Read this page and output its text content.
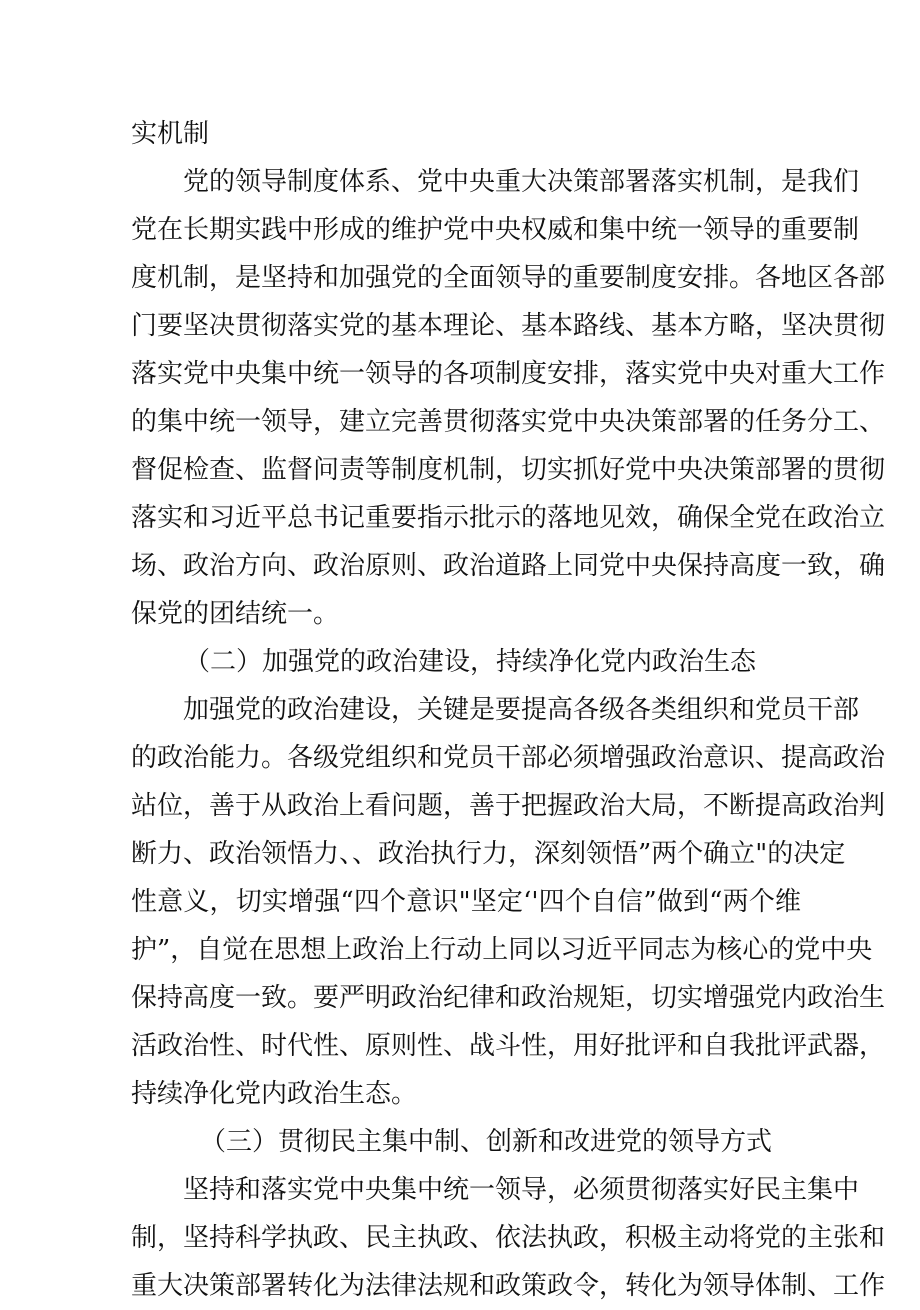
实机制
党的领导制度体系、党中央重大决策部署落实机制，是我们
党在长期实践中形成的维护党中央权威和集中统一领导的重要制
度机制，是坚持和加强党的全面领导的重要制度安排。各地区各部
门要坚决贯彻落实党的基本理论、基本路线、基本方略，坚决贯彻
落实党中央集中统一领导的各项制度安排，落实党中央对重大工作
的集中统一领导，建立完善贯彻落实党中央决策部署的任务分工、
督促检查、监督问责等制度机制，切实抓好党中央决策部署的贯彻
落实和习近平总书记重要指示批示的落地见效，确保全党在政治立
场、政治方向、政治原则、政治道路上同党中央保持高度一致，确
保党的团结统一。
（二）加强党的政治建设，持续净化党内政治生态
加强党的政治建设，关键是要提高各级各类组织和党员干部
的政治能力。各级党组织和党员干部必须增强政治意识、提高政治
站位，善于从政治上看问题，善于把握政治大局，不断提高政治判
断力、政治领悟力、、政治执行力，深刻领悟”两个确立"的决定
性意义，切实增强“四个意识"坚定‘'四个自信”做到“两个维
护”，自觉在思想上政治上行动上同以习近平同志为核心的党中央
保持高度一致。要严明政治纪律和政治规矩，切实增强党内政治生
活政治性、时代性、原则性、战斗性，用好批评和自我批评武器，
持续净化党内政治生态。
（三）贯彻民主集中制、创新和改进党的领导方式
坚持和落实党中央集中统一领导，必须贯彻落实好民主集中
制，坚持科学执政、民主执政、依法执政，积极主动将党的主张和
重大决策部署转化为法律法规和政策政令，转化为领导体制、工作
